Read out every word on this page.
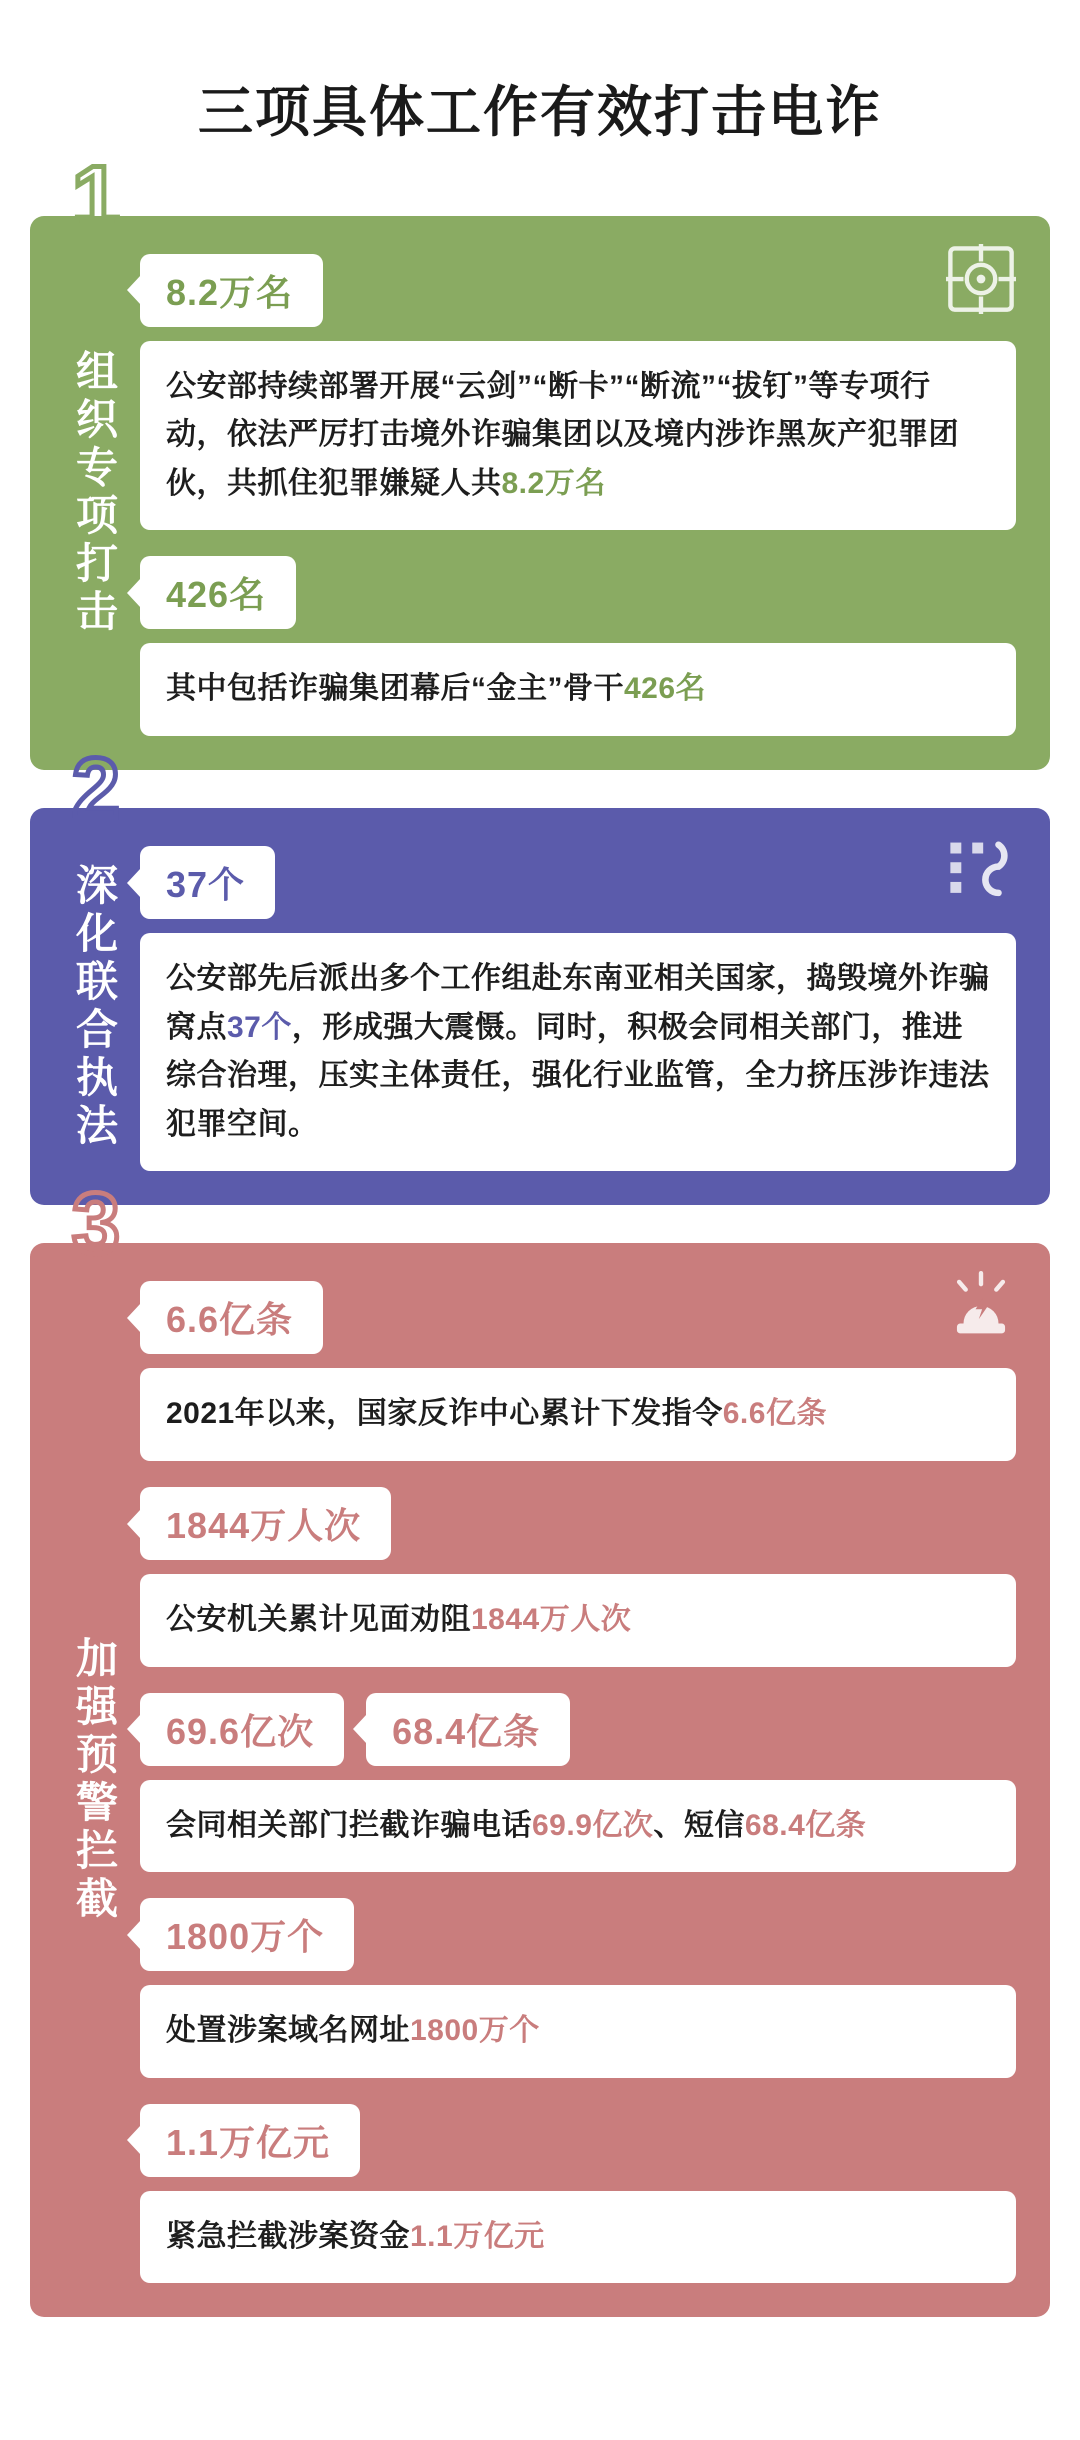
三项具体工作有效打击电诈
1
组织专项打击
8.2万名
公安部持续部署开展“云剑”“断卡”“断流”“拔钉”等专项行动，依法严厉打击境外诈骗集团以及境内涉诈黑灰产犯罪团伙，共抓住犯罪嫌疑人共8.2万名
426名
其中包括诈骗集团幕后“金主”骨干426名
2
深化联合执法	37个
公安部先后派出多个工作组赴东南亚相关国家，捣毁境外诈骗窝点37个，形成强大震慑。同时，积极会同相关部门，推进综合治理，压实主体责任，强化行业监管，全力挤压涉诈违法犯罪空间。
3
加强预警拦截
6.6亿条
2021年以来，国家反诈中心累计下发指令6.6亿条
1844万人次
公安机关累计见面劝阻1844万人次
69.6亿次	68.4亿条
会同相关部门拦截诈骗电话69.9亿次、短信68.4亿条
1800万个
处置涉案域名网址1800万个
1.1万亿元
紧急拦截涉案资金1.1万亿元
